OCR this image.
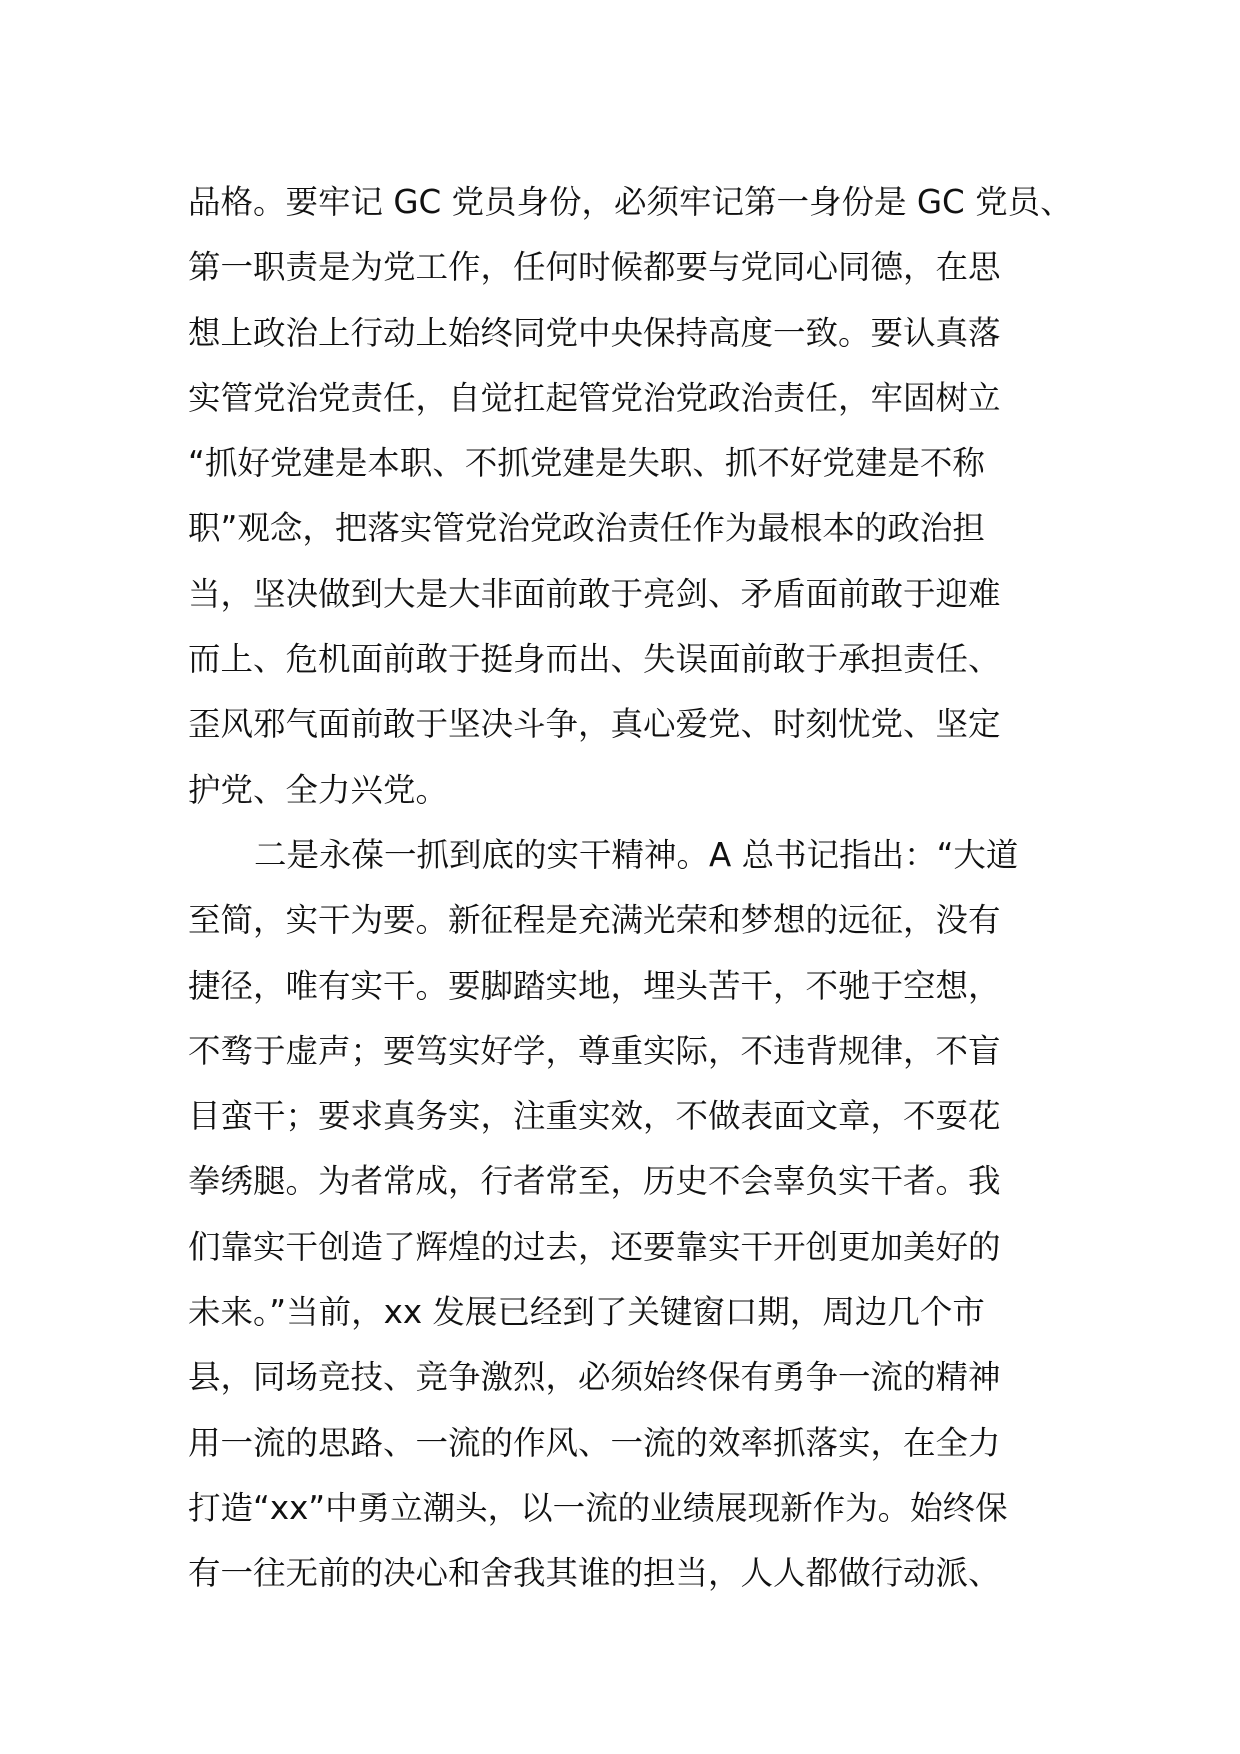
品格。要牢记 GC 党员身份，必须牢记第一身份是 GC 党员、
第一职责是为党工作，任何时候都要与党同心同德，在思
想上政治上行动上始终同党中央保持高度一致。要认真落
实管党治党责任，自觉扛起管党治党政治责任，牢固树立
“抓好党建是本职、不抓党建是失职、抓不好党建是不称
职”观念，把落实管党治党政治责任作为最根本的政治担
当，坚决做到大是大非面前敢于亮剑、矛盾面前敢于迎难
而上、危机面前敢于挺身而出、失误面前敢于承担责任、
歪风邪气面前敢于坚决斗争，真心爱党、时刻忧党、坚定
护党、全力兴党。
二是永葆一抓到底的实干精神。A 总书记指出：“大道
至简，实干为要。新征程是充满光荣和梦想的远征，没有
捷径，唯有实干。要脚踏实地，埋头苦干，不驰于空想，
不骛于虚声；要笃实好学，尊重实际，不违背规律，不盲
目蛮干；要求真务实，注重实效，不做表面文章，不耍花
拳绣腿。为者常成，行者常至，历史不会辜负实干者。我
们靠实干创造了辉煌的过去，还要靠实干开创更加美好的
未来。”当前，xx 发展已经到了关键窗口期，周边几个市
县，同场竞技、竞争激烈，必须始终保有勇争一流的精神
用一流的思路、一流的作风、一流的效率抓落实，在全力
打造“xx”中勇立潮头，以一流的业绩展现新作为。始终保
有一往无前的决心和舍我其谁的担当，人人都做行动派、
